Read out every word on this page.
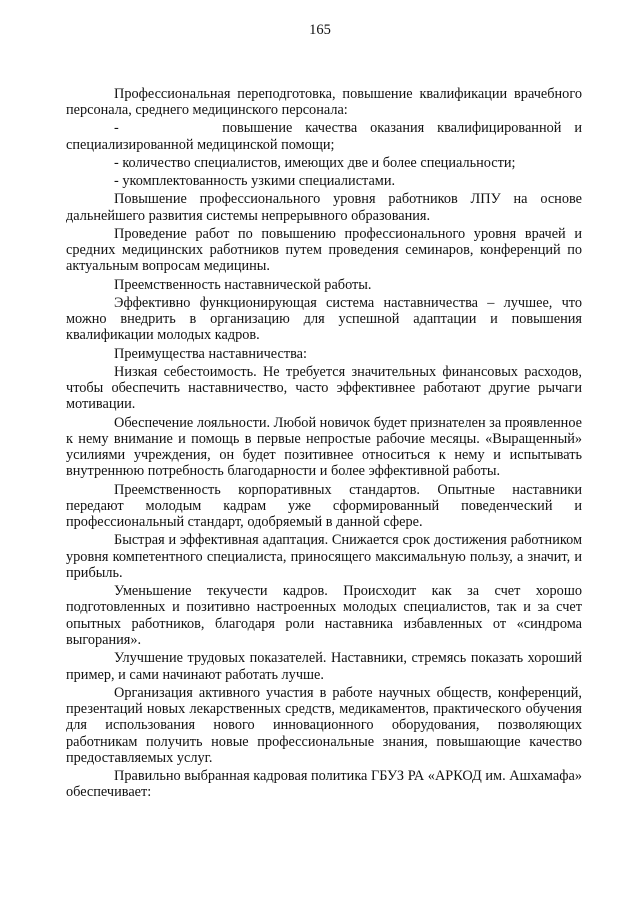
165

Профессиональная переподготовка, повышение квалификации врачебного персонала, среднего медицинского персонала:

-        повышение качества оказания квалифицированной и специализированной медицинской помощи;

- количество специалистов, имеющих две и более специальности;

- укомплектованность узкими специалистами.

Повышение профессионального уровня работников ЛПУ на основе дальнейшего развития системы непрерывного образования.

Проведение работ по повышению профессионального уровня врачей и средних медицинских работников путем проведения семинаров, конференций по актуальным вопросам медицины.

Преемственность наставнической работы.

Эффективно функционирующая система наставничества – лучшее, что можно внедрить в организацию для успешной адаптации и повышения квалификации молодых кадров.

Преимущества наставничества:

Низкая себестоимость. Не требуется значительных финансовых расходов, чтобы обеспечить наставничество, часто эффективнее работают другие рычаги мотивации.

Обеспечение лояльности. Любой новичок будет признателен за проявленное к нему внимание и помощь в первые непростые рабочие месяцы. «Выращенный» усилиями учреждения, он будет позитивнее относиться к нему и испытывать внутреннюю потребность благодарности и более эффективной работы.

Преемственность корпоративных стандартов. Опытные наставники передают молодым кадрам уже сформированный поведенческий и профессиональный стандарт, одобряемый в данной сфере.

Быстрая и эффективная адаптация. Снижается срок достижения работником уровня компетентного специалиста, приносящего максимальную пользу, а значит, и прибыль.

Уменьшение текучести кадров. Происходит как за счет хорошо подготовленных и позитивно настроенных молодых специалистов, так и за счет опытных работников, благодаря роли наставника избавленных от «синдрома выгорания».

Улучшение трудовых показателей. Наставники, стремясь показать хороший пример, и сами начинают работать лучше.

Организация активного участия в работе научных обществ, конференций, презентаций новых лекарственных средств, медикаментов, практического обучения для использования нового инновационного оборудования, позволяющих работникам получить новые профессиональные знания, повышающие качество предоставляемых услуг.

Правильно выбранная кадровая политика ГБУЗ РА «АРКОД им. Ашхамафа» обеспечивает:
